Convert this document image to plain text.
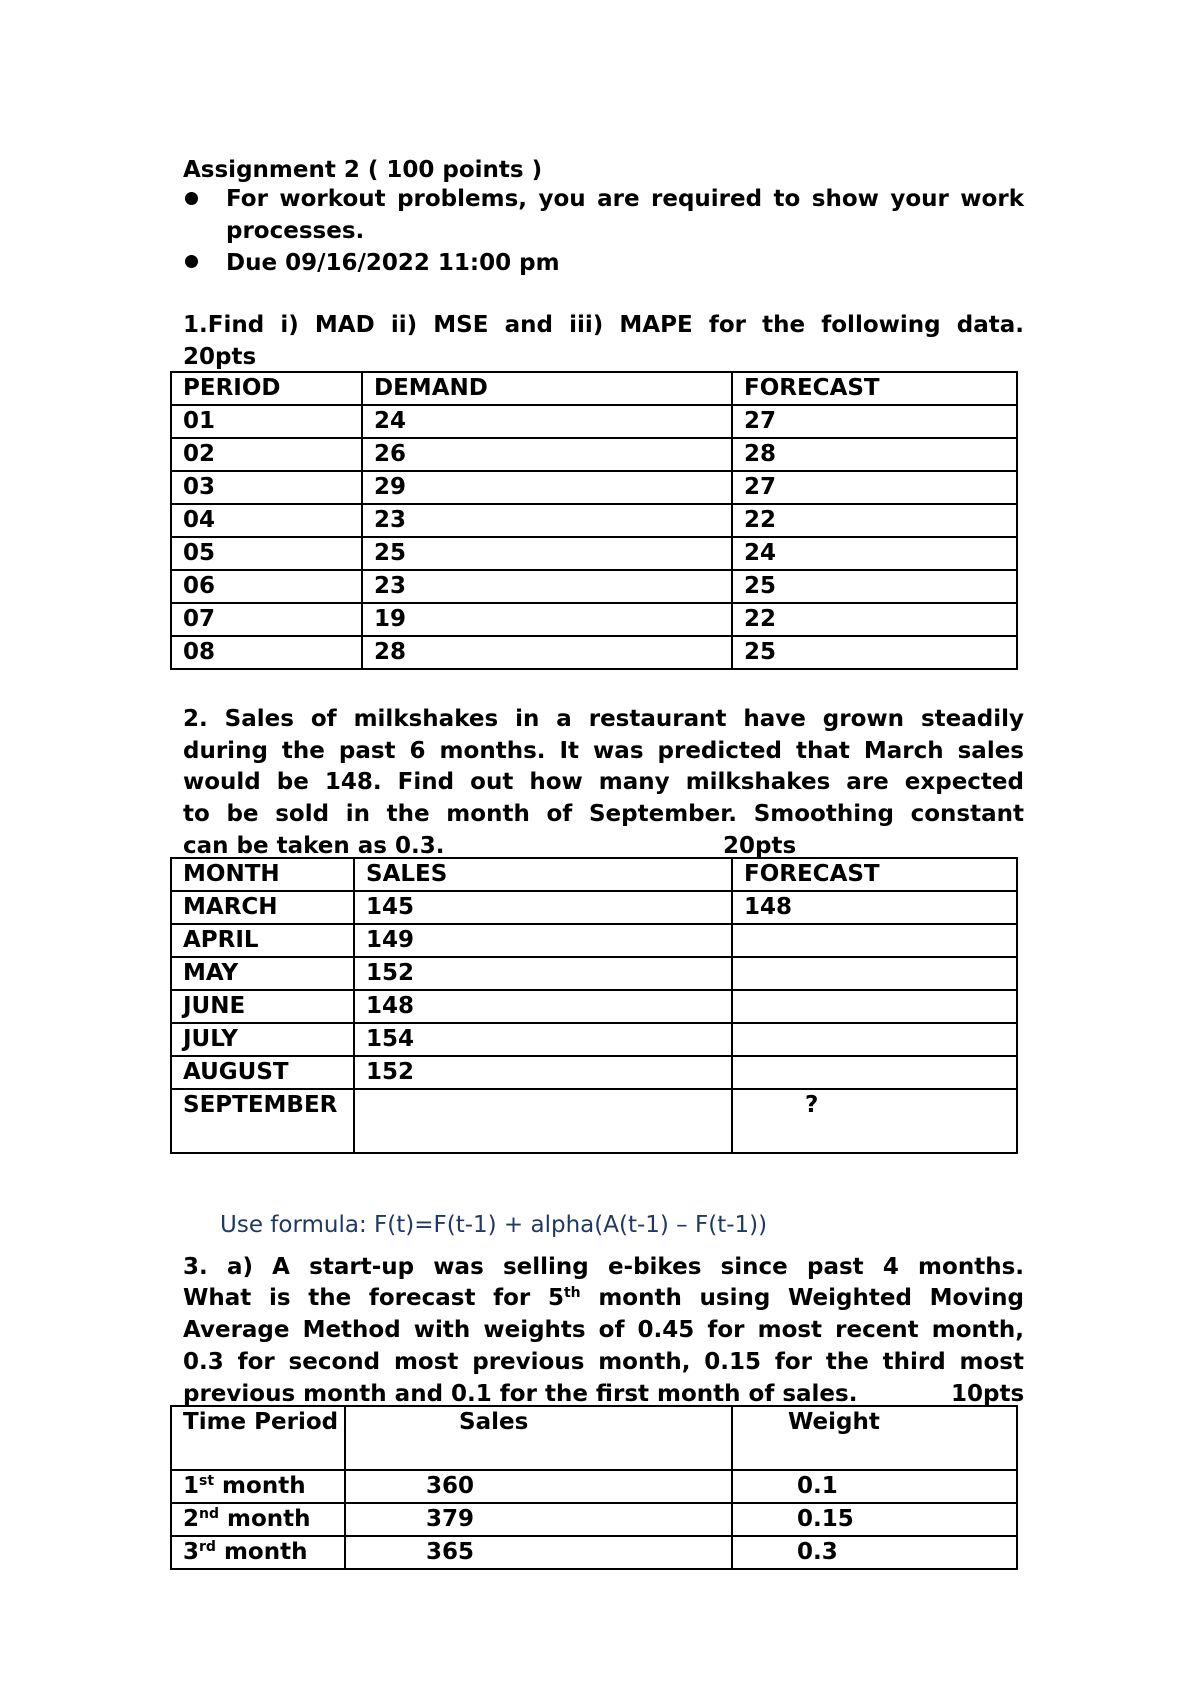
Assignment 2 ( 100 points )

For workout problems, you are required to show your work processes.

Due 09/16/2022 11:00 pm

1.Find i) MAD ii) MSE and iii) MAPE for the following data.

20pts

PERIOD	DEMAND	FORECAST
01	24	27
02	26	28
03	29	27
04	23	22
05	25	24
06	23	25
07	19	22
08	28	25

2. Sales of milkshakes in a restaurant have grown steadily

during the past 6 months. It was predicted that March sales

would be 148. Find out how many milkshakes are expected

to be sold in the month of September. Smoothing constant

can be taken as 0.3.	20pts

MONTH	SALES	FORECAST
MARCH	145	148
APRIL	149	
MAY	152	
JUNE	148	
JULY	154	
AUGUST	152	
SEPTEMBER		?

Use formula: F(t)=F(t-1) + alpha(A(t-1) – F(t-1))

3. a) A start-up was selling e-bikes since past 4 months.

What is the forecast for 5th month using Weighted Moving

Average Method with weights of 0.45 for most recent month,

0.3 for second most previous month, 0.15 for the third most

previous month and 0.1 for the first month of sales.	10pts

Time Period	Sales	Weight
1st month	360	0.1
2nd month	379	0.15
3rd month	365	0.3
